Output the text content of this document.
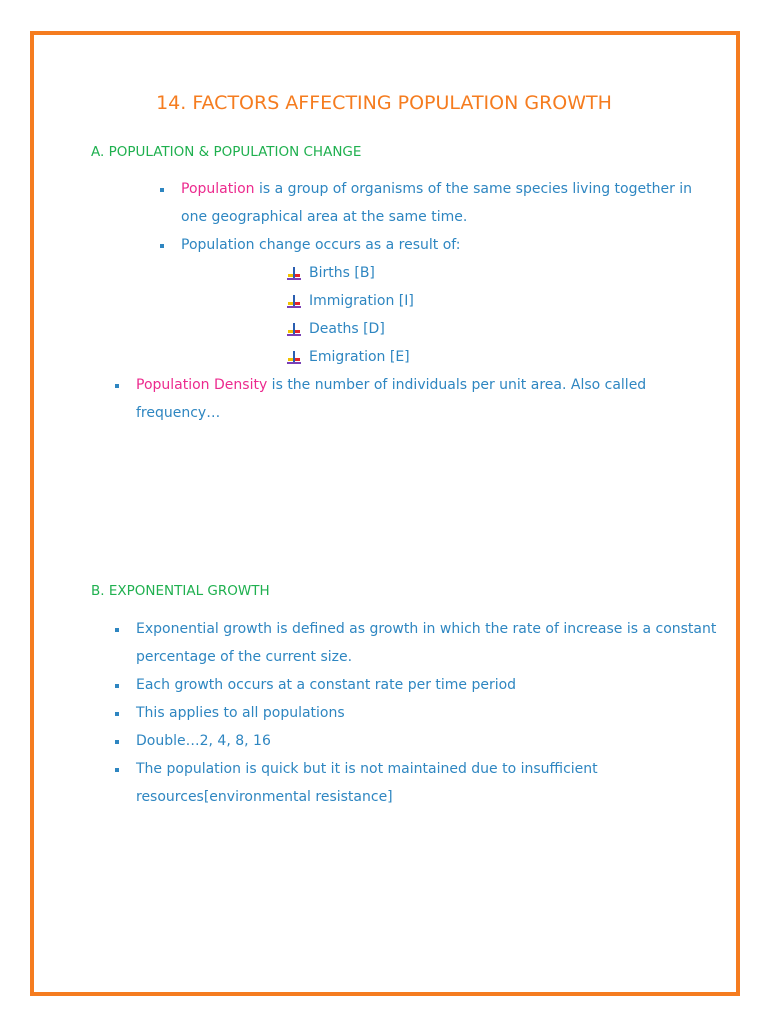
14. FACTORS AFFECTING POPULATION GROWTH
A. POPULATION & POPULATION CHANGE
Population is a group of organisms of the same species living together in
one geographical area at the same time.
Population change occurs as a result of:
Births [B]
Immigration [I]
Deaths [D]
Emigration [E]
Population Density is the number of individuals per unit area. Also called
frequency…
B. EXPONENTIAL GROWTH
Exponential growth is defined as growth in which the rate of increase is a constant
percentage of the current size.
Each growth occurs at a constant rate per time period
This applies to all populations
Double…2, 4, 8, 16
The population is quick but it is not maintained due to insufficient
resources[environmental resistance]
